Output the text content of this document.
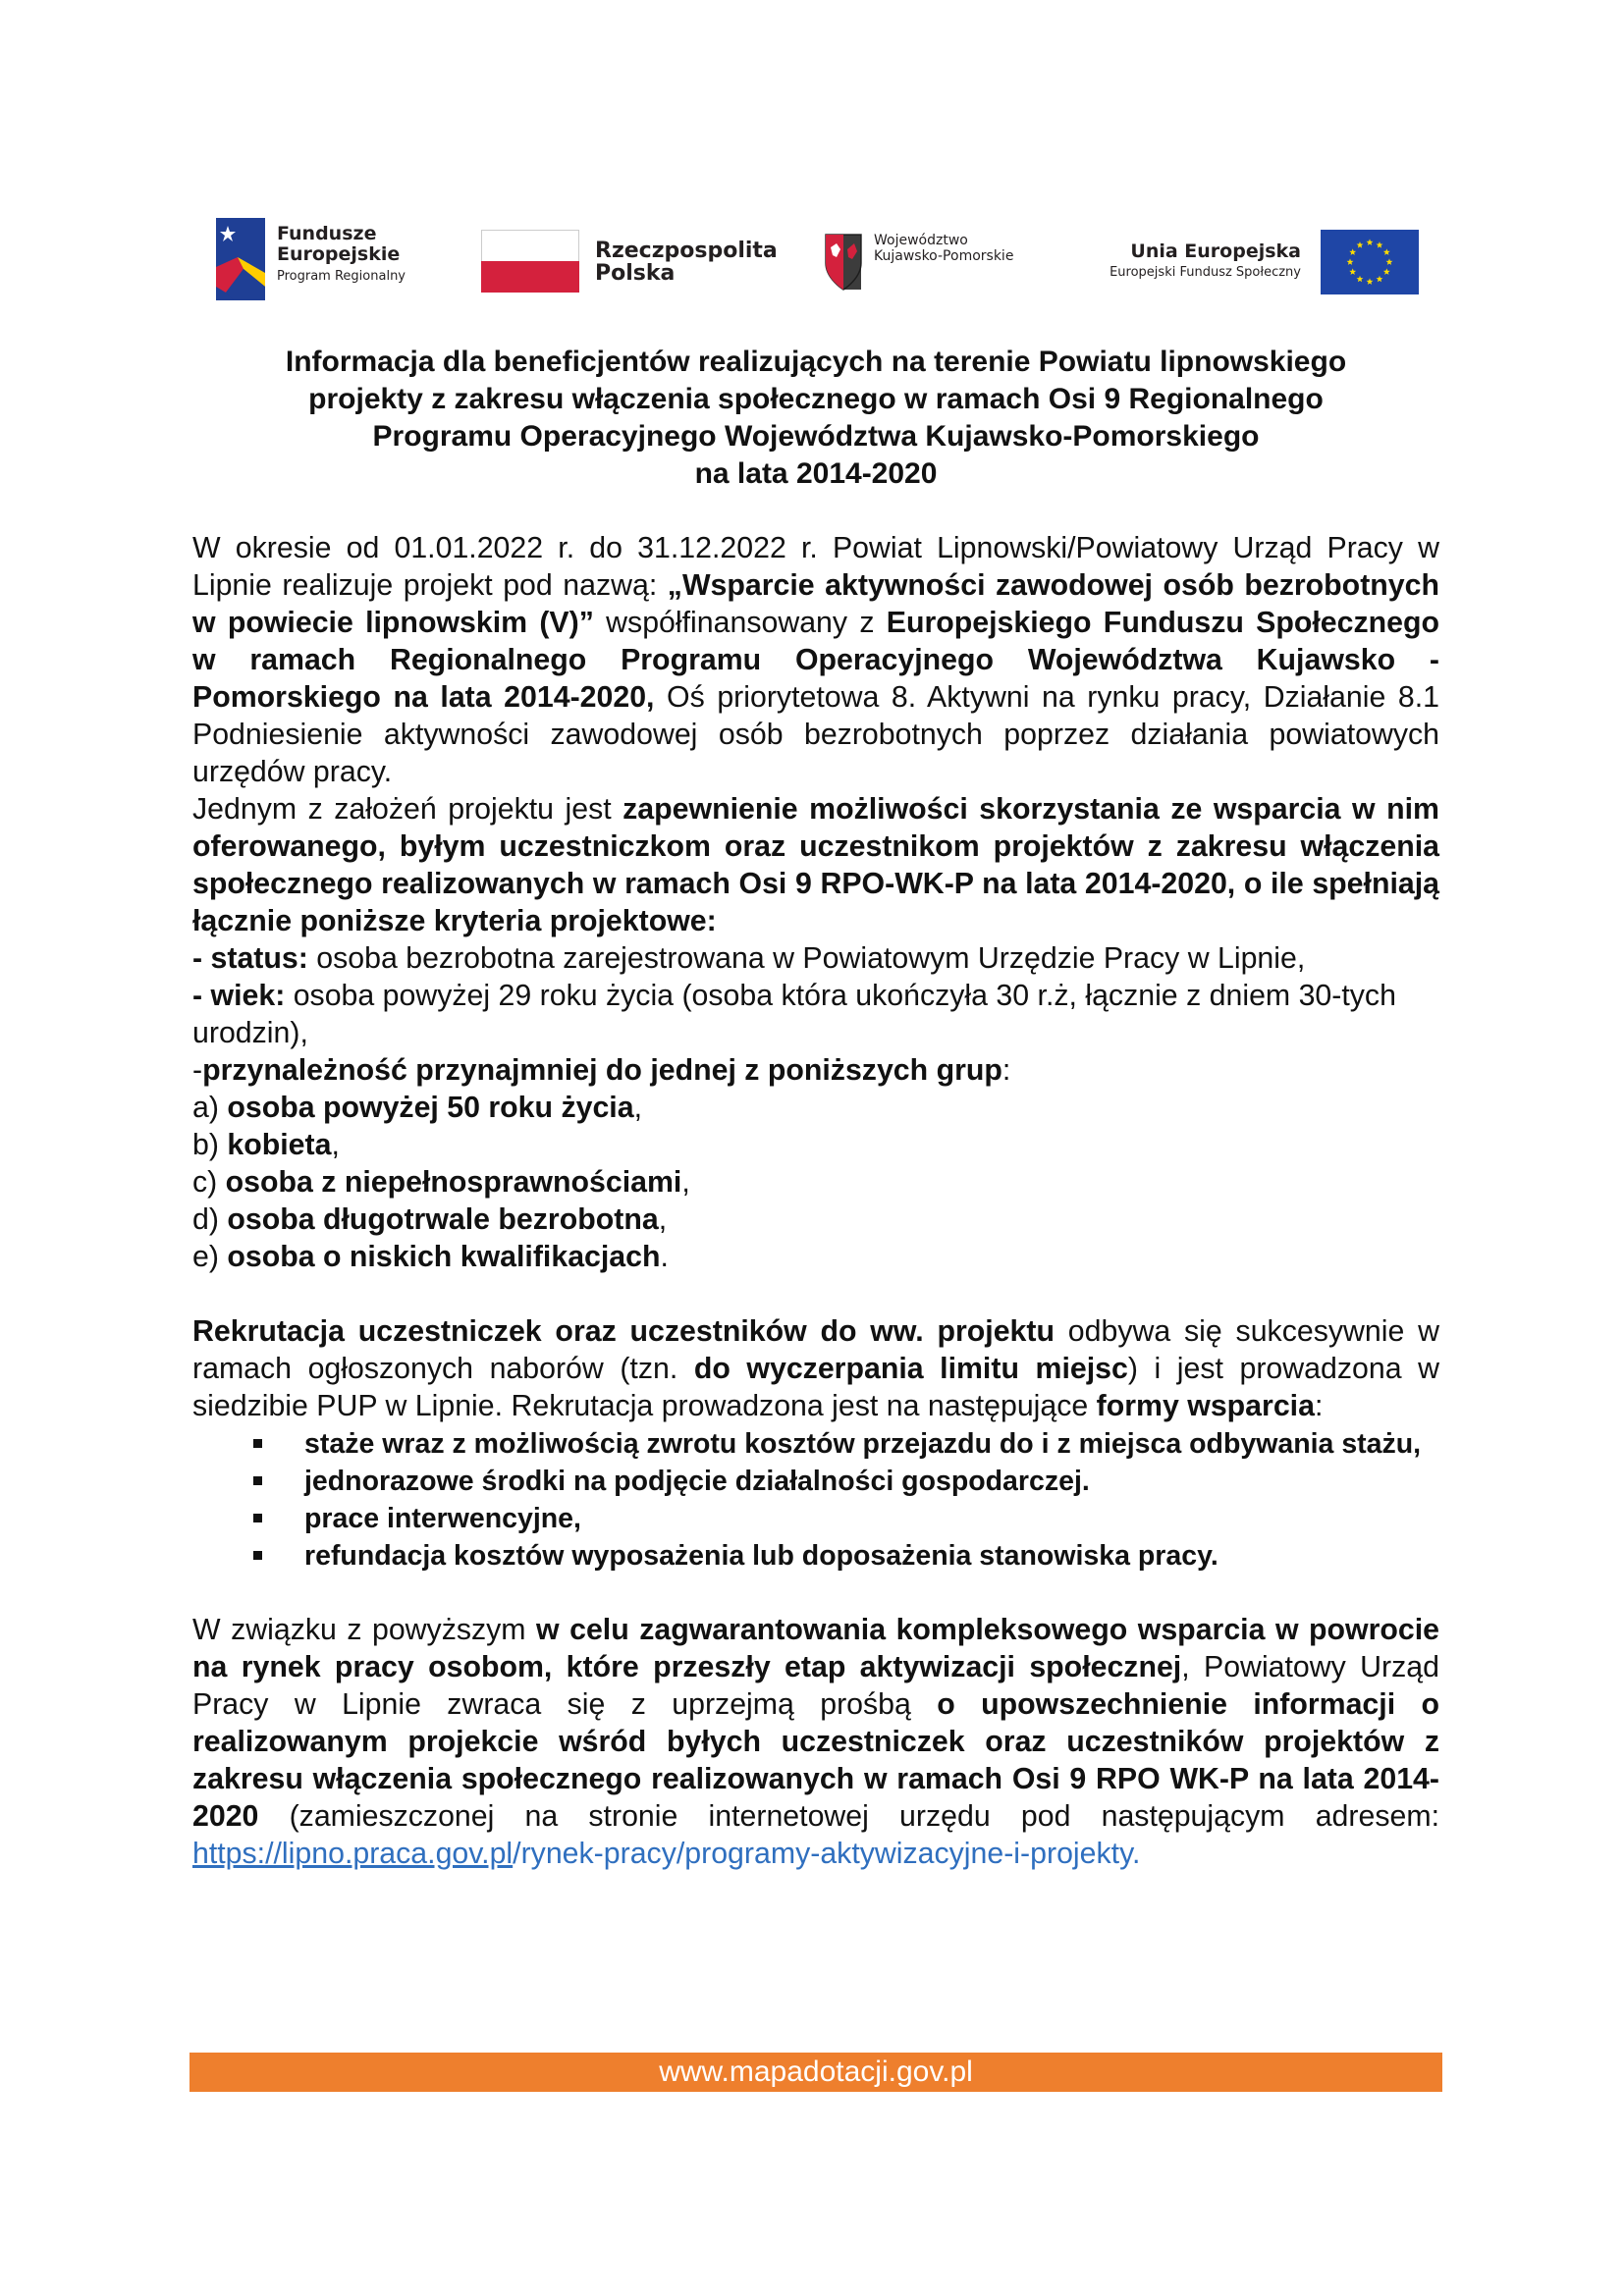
Fundusze
Europejskie
Program Regionalny
Rzeczpospolita
Polska
Województwo
Kujawsko-Pomorskie	Unia Europejska
Europejski Fundusz Społeczny
Informacja dla beneficjentów realizujących na terenie Powiatu lipnowskiego
projekty z zakresu włączenia społecznego w ramach Osi 9 Regionalnego
Programu Operacyjnego Województwa Kujawsko-Pomorskiego
na lata 2014-2020

W okresie od 01.01.2022 r. do 31.12.2022 r. Powiat Lipnowski/Powiatowy Urząd Pracy w Lipnie realizuje projekt pod nazwą: „Wsparcie aktywności zawodowej osób bezrobotnych w powiecie lipnowskim (V)” współfinansowany z Europejskiego Funduszu Społecznego w ramach Regionalnego Programu Operacyjnego Województwa Kujawsko - Pomorskiego na lata 2014-2020, Oś priorytetowa 8. Aktywni na rynku pracy, Działanie 8.1 Podniesienie aktywności zawodowej osób bezrobotnych poprzez działania powiatowych urzędów pracy.

Jednym z założeń projektu jest zapewnienie możliwości skorzystania ze wsparcia w nim oferowanego, byłym uczestniczkom oraz uczestnikom projektów z zakresu włączenia społecznego realizowanych w ramach Osi 9 RPO-WK-P na lata 2014-2020, o ile spełniają łącznie poniższe kryteria projektowe:

- status: osoba bezrobotna zarejestrowana w Powiatowym Urzędzie Pracy w Lipnie,

- wiek: osoba powyżej 29 roku życia (osoba która ukończyła 30 r.ż, łącznie z dniem 30-tych urodzin),

-przynależność przynajmniej do jednej z poniższych grup:

a) osoba powyżej 50 roku życia,

b) kobieta,

c) osoba z niepełnosprawnościami,

d) osoba długotrwale bezrobotna,

e) osoba o niskich kwalifikacjach.

Rekrutacja uczestniczek oraz uczestników do ww. projektu odbywa się sukcesywnie w ramach ogłoszonych naborów (tzn. do wyczerpania limitu miejsc) i jest prowadzona w siedzibie PUP w Lipnie. Rekrutacja prowadzona jest na następujące formy wsparcia:

staże wraz z możliwością zwrotu kosztów przejazdu do i z miejsca odbywania stażu,
jednorazowe środki na podjęcie działalności gospodarczej.
prace interwencyjne,
refundacja kosztów wyposażenia lub doposażenia stanowiska pracy.

W związku z powyższym w celu zagwarantowania kompleksowego wsparcia w powrocie na rynek pracy osobom, które przeszły etap aktywizacji społecznej, Powiatowy Urząd Pracy w Lipnie zwraca się z uprzejmą prośbą o upowszechnienie informacji o realizowanym projekcie wśród byłych uczestniczek oraz uczestników projektów z zakresu włączenia społecznego realizowanych w ramach Osi 9 RPO WK-P na lata 2014-2020 (zamieszczonej na stronie internetowej urzędu pod następującym adresem: https://lipno.praca.gov.pl/rynek-pracy/programy-aktywizacyjne-i-projekty.

www.mapadotacji.gov.pl
